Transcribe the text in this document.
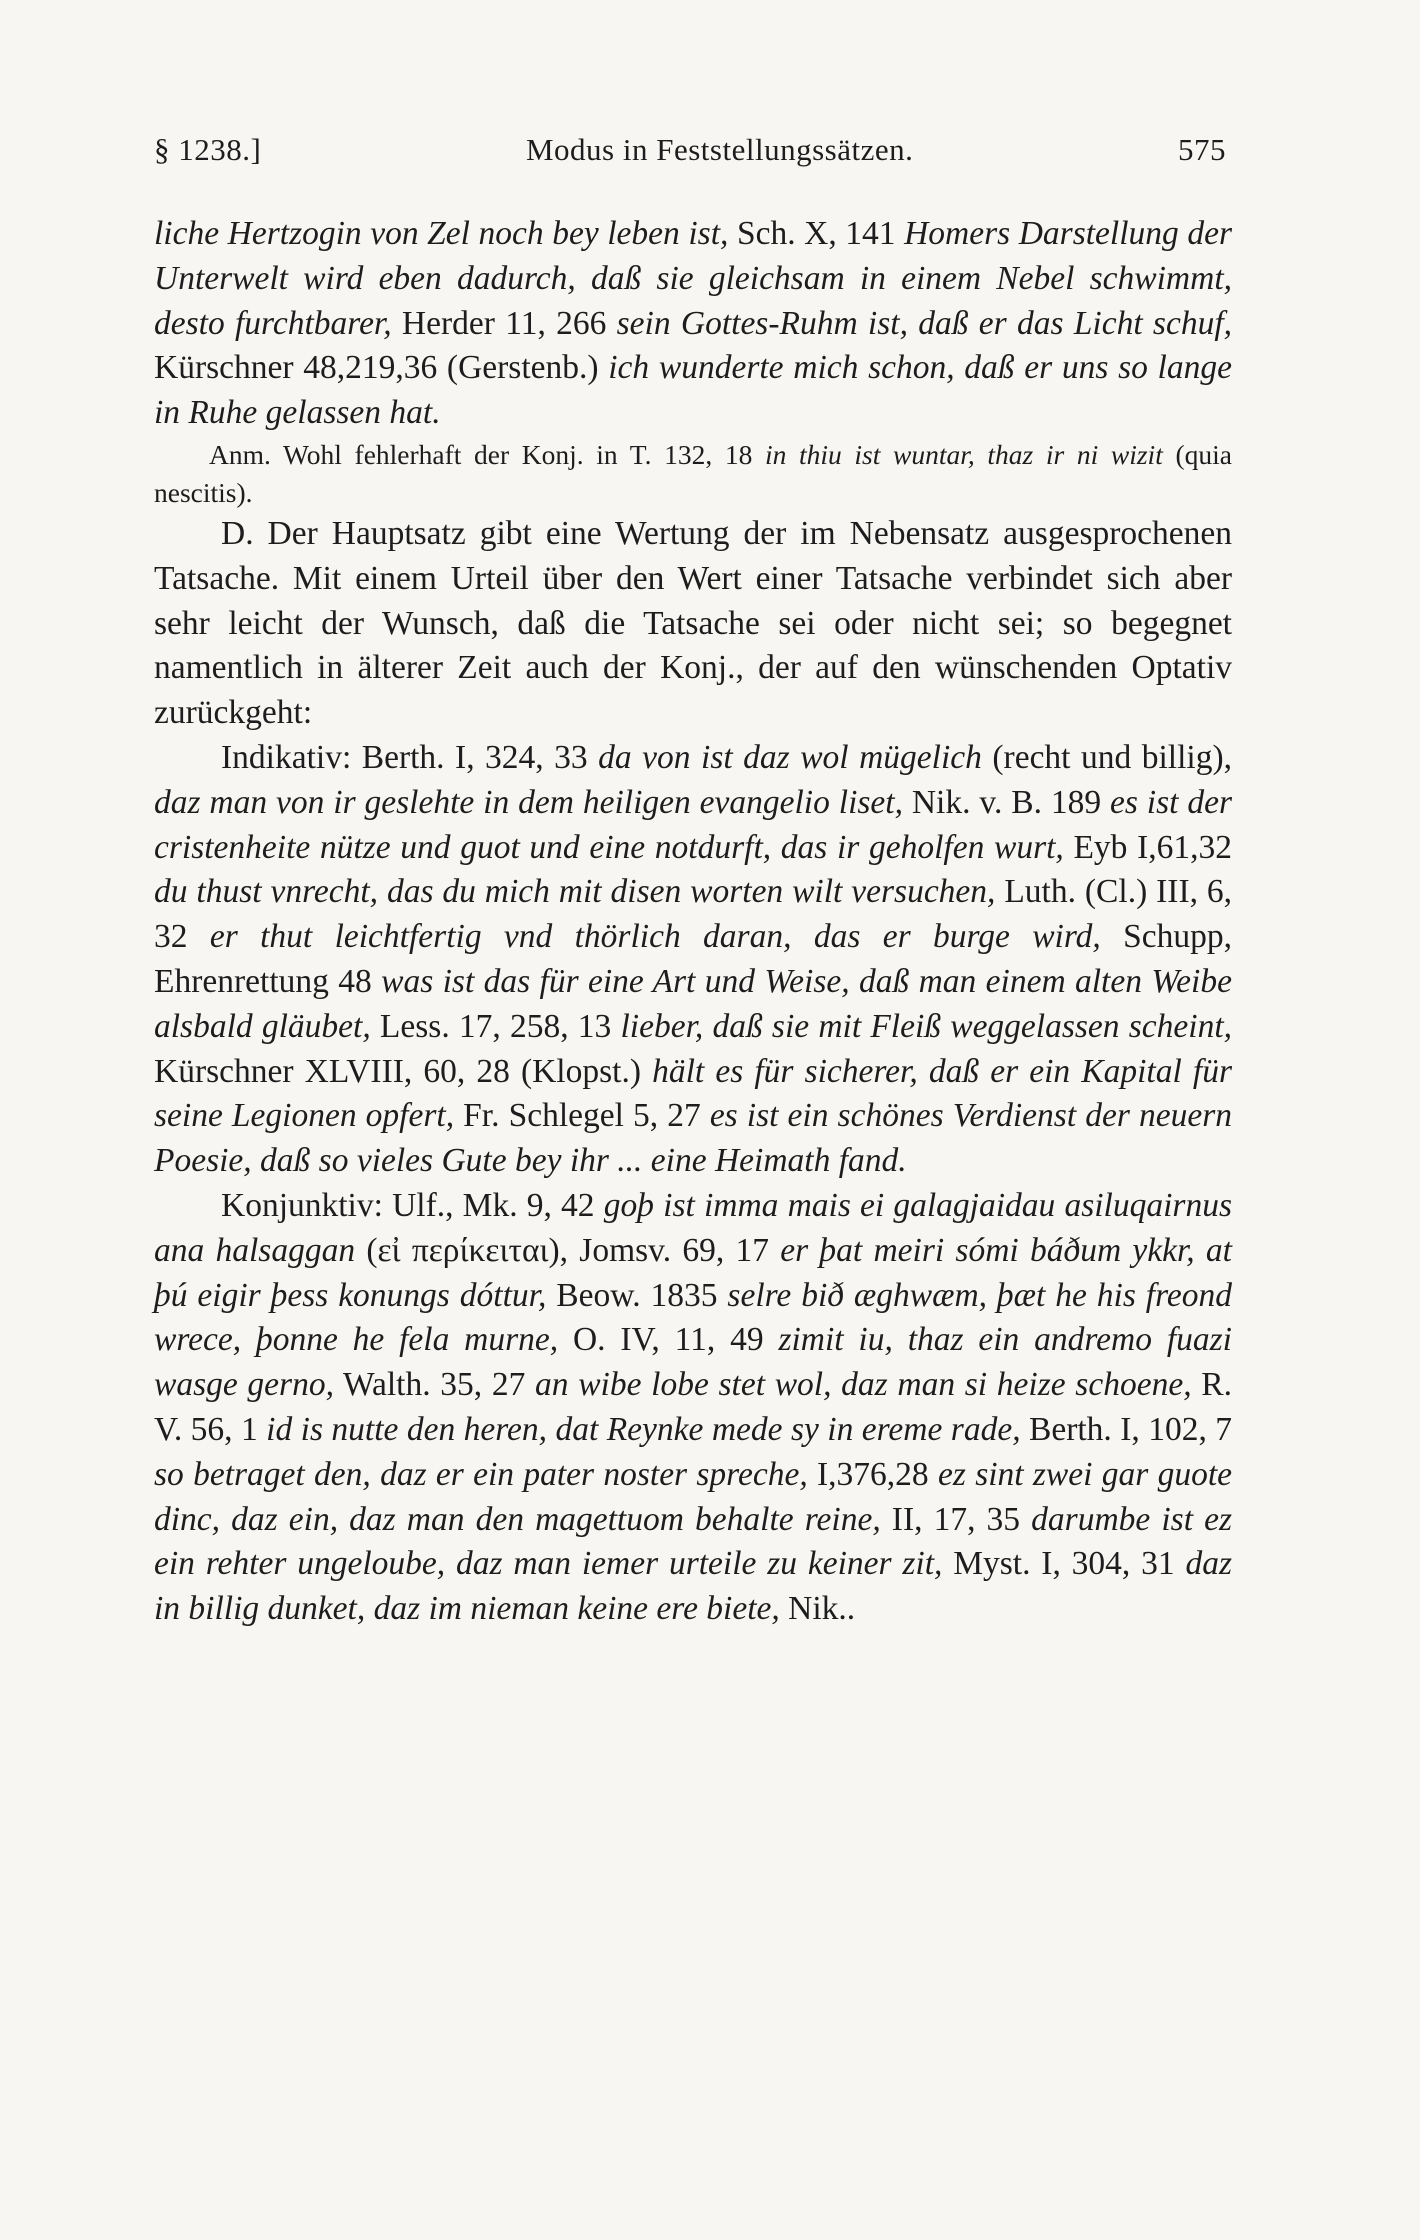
§ 1238.]	Modus in Feststellungssätzen.	575

liche Hertzogin von Zel noch bey leben ist, Sch. X, 141 Homers Darstellung der Unterwelt wird eben dadurch, daß sie gleichsam in einem Nebel schwimmt, desto furchtbarer, Herder 11, 266 sein Gottes-Ruhm ist, daß er das Licht schuf, Kürschner 48,219,36 (Gerstenb.) ich wunderte mich schon, daß er uns so lange in Ruhe gelassen hat.

Anm. Wohl fehlerhaft der Konj. in T. 132, 18 in thiu ist wuntar, thaz ir ni wizit (quia nescitis).

D. Der Hauptsatz gibt eine Wertung der im Nebensatz ausgesprochenen Tatsache. Mit einem Urteil über den Wert einer Tatsache verbindet sich aber sehr leicht der Wunsch, daß die Tatsache sei oder nicht sei; so begegnet namentlich in älterer Zeit auch der Konj., der auf den wünschenden Optativ zurückgeht:

Indikativ: Berth. I, 324, 33 da von ist daz wol mügelich (recht und billig), daz man von ir geslehte in dem heiligen evangelio liset, Nik. v. B. 189 es ist der cristenheite nütze und guot und eine notdurft, das ir geholfen wurt, Eyb I,61,32 du thust vnrecht, das du mich mit disen worten wilt versuchen, Luth. (Cl.) III, 6, 32 er thut leichtfertig vnd thörlich daran, das er burge wird, Schupp, Ehrenrettung 48 was ist das für eine Art und Weise, daß man einem alten Weibe alsbald gläubet, Less. 17, 258, 13 lieber, daß sie mit Fleiß weggelassen scheint, Kürschner XLVIII, 60, 28 (Klopst.) hält es für sicherer, daß er ein Kapital für seine Legionen opfert, Fr. Schlegel 5, 27 es ist ein schönes Verdienst der neuern Poesie, daß so vieles Gute bey ihr ... eine Heimath fand.

Konjunktiv: Ulf., Mk. 9, 42 goþ ist imma mais ei galagjaidau asiluqairnus ana halsaggan (εἰ περίκειται), Jomsv. 69, 17 er þat meiri sómi báðum ykkr, at þú eigir þess konungs dóttur, Beow. 1835 selre bið æghwæm, þæt he his freond wrece, þonne he fela murne, O. IV, 11, 49 zimit iu, thaz ein andremo fuazi wasge gerno, Walth. 35, 27 an wibe lobe stet wol, daz man si heize schoene, R. V. 56, 1 id is nutte den heren, dat Reynke mede sy in ereme rade, Berth. I, 102, 7 so betraget den, daz er ein pater noster spreche, I,376,28 ez sint zwei gar guote dinc, daz ein, daz man den magettuom behalte reine, II, 17, 35 darumbe ist ez ein rehter ungeloube, daz man iemer urteile zu keiner zit, Myst. I, 304, 31 daz in billig dunket, daz im nieman keine ere biete, Nik..
